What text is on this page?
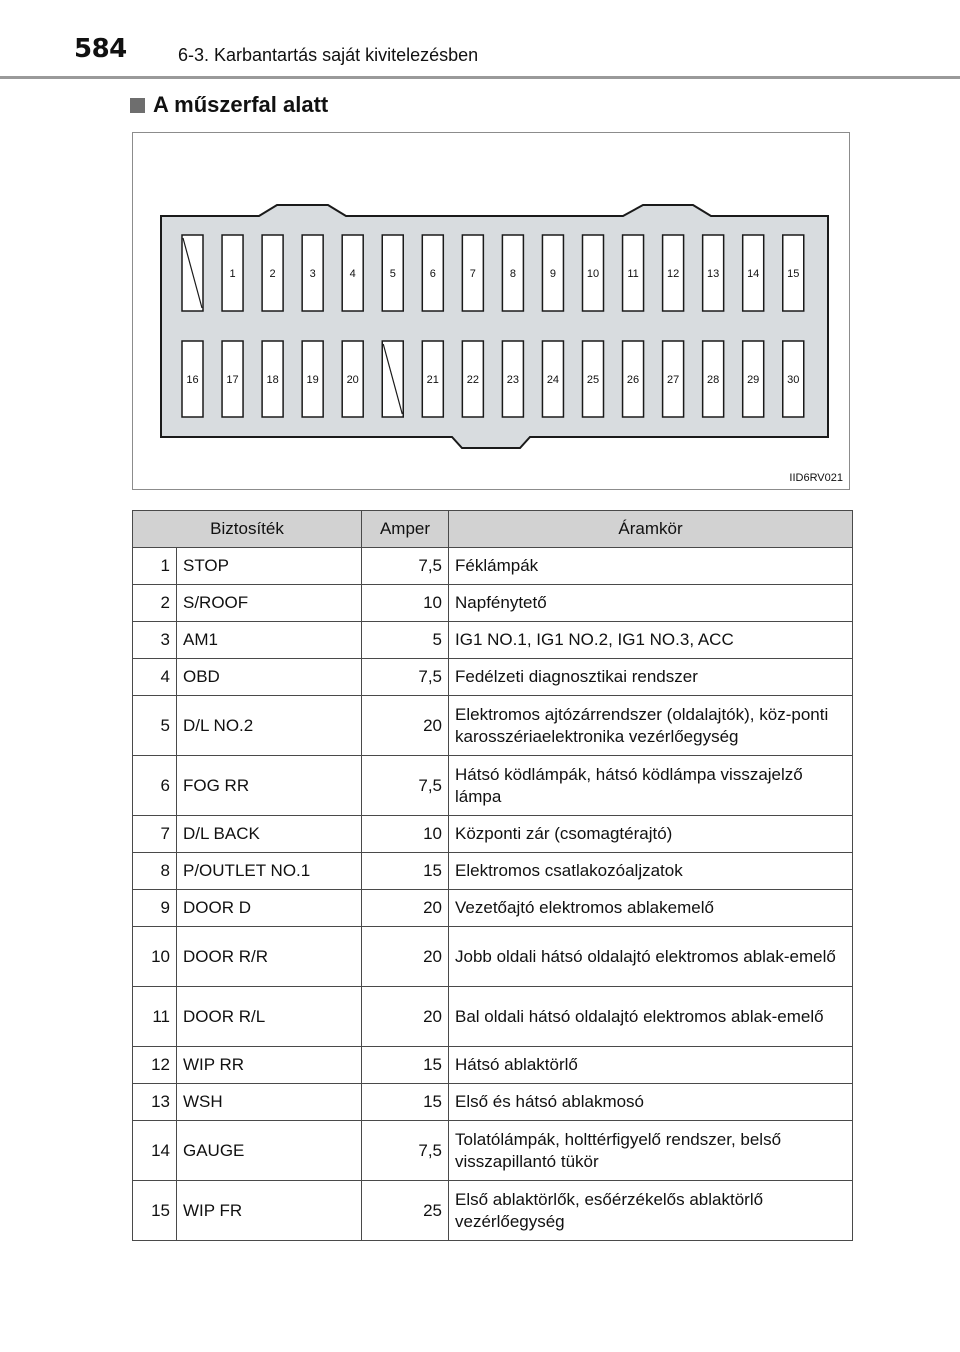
584	6-3. Karbantartás saját kivitelezésben
A műszerfal alatt
1	2	3	4	5	6	7	8	9	10	11	12	13	14	15
16	17	18	19	20	21	22	23	24	25	26	27	28	29	30
IID6RV021
Biztosíték		Amper	Áramkör
1	STOP	7,5	Féklámpák
2	S/ROOF	10	Napfénytető
3	AM1	5	IG1 NO.1, IG1 NO.2, IG1 NO.3, ACC
4	OBD	7,5	Fedélzeti diagnosztikai rendszer
5	D/L NO.2	20	Elektromos ajtózárrendszer (oldalajtók), köz-ponti karosszériaelektronika vezérlőegység
6	FOG RR	7,5	Hátsó ködlámpák, hátsó ködlámpa visszajelző lámpa
7	D/L BACK	10	Központi zár (csomagtérajtó)
8	P/OUTLET NO.1	15	Elektromos csatlakozóaljzatok
9	DOOR D	20	Vezetőajtó elektromos ablakemelő
10	DOOR R/R	20	Jobb oldali hátsó oldalajtó elektromos ablak-emelő
11	DOOR R/L	20	Bal oldali hátsó oldalajtó elektromos ablak-emelő
12	WIP RR	15	Hátsó ablaktörlő
13	WSH	15	Első és hátsó ablakmosó
14	GAUGE	7,5	Tolatólámpák, holttérfigyelő rendszer, belső visszapillantó tükör
15	WIP FR	25	Első ablaktörlők, esőérzékelős ablaktörlő vezérlőegység
